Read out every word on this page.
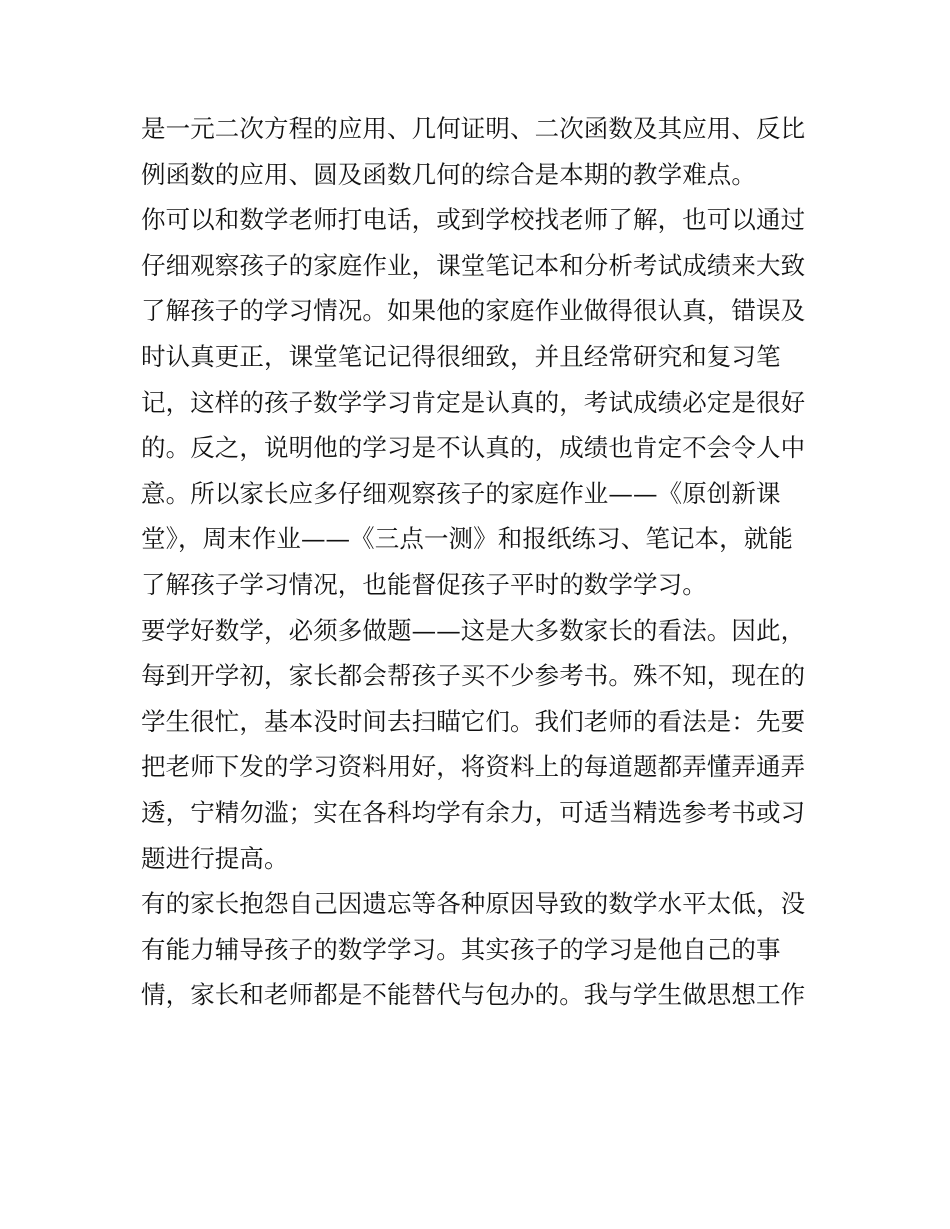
是一元二次方程的应用、几何证明、二次函数及其应用、反比
例函数的应用、圆及函数几何的综合是本期的教学难点。
你可以和数学老师打电话，或到学校找老师了解，也可以通过
仔细观察孩子的家庭作业，课堂笔记本和分析考试成绩来大致
了解孩子的学习情况。如果他的家庭作业做得很认真，错误及
时认真更正，课堂笔记记得很细致，并且经常研究和复习笔
记，这样的孩子数学学习肯定是认真的，考试成绩必定是很好
的。反之，说明他的学习是不认真的，成绩也肯定不会令人中
意。所以家长应多仔细观察孩子的家庭作业——《原创新课
堂》，周末作业——《三点一测》和报纸练习、笔记本，就能
了解孩子学习情况，也能督促孩子平时的数学学习。
要学好数学，必须多做题——这是大多数家长的看法。因此，
每到开学初，家长都会帮孩子买不少参考书。殊不知，现在的
学生很忙，基本没时间去扫瞄它们。我们老师的看法是：先要
把老师下发的学习资料用好，将资料上的每道题都弄懂弄通弄
透，宁精勿滥；实在各科均学有余力，可适当精选参考书或习
题进行提高。
有的家长抱怨自己因遗忘等各种原因导致的数学水平太低，没
有能力辅导孩子的数学学习。其实孩子的学习是他自己的事
情，家长和老师都是不能替代与包办的。我与学生做思想工作
